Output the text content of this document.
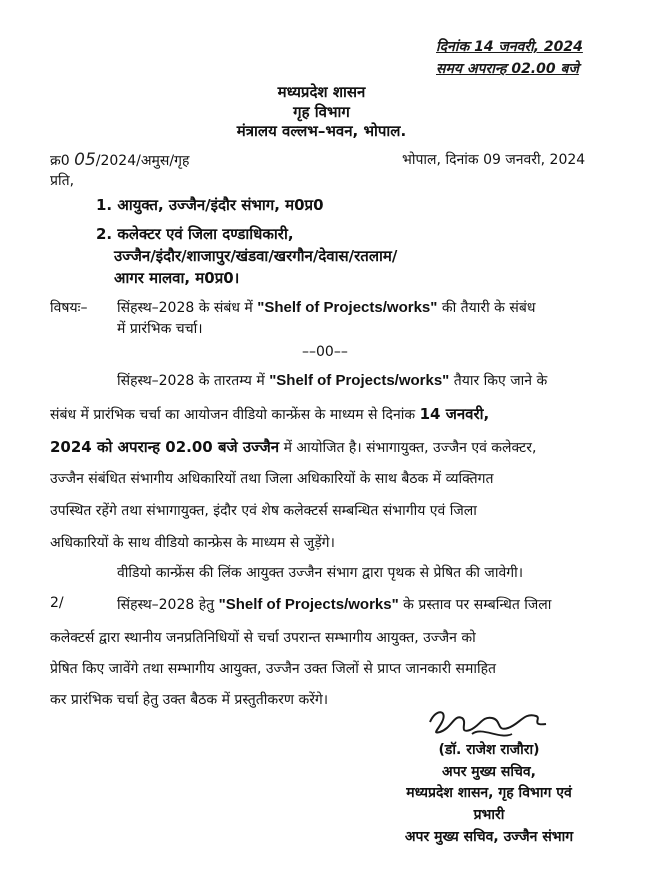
दिनांक 14 जनवरी, 2024
समय अपरान्ह 02.00 बजे
मध्यप्रदेश शासन
गृह विभाग
मंत्रालय वल्लभ–भवन, भोपाल.
क्र0 05/2024/अमुस/गृह	भोपाल, दिनांक 09 जनवरी, 2024
प्रति,
1. आयुक्त, उज्जैन/इंदौर संभाग, म0प्र0
2. कलेक्टर एवं जिला दण्डाधिकारी,
उज्जैन/इंदौर/शाजापुर/खंडवा/खरगौन/देवास/रतलाम/
आगर मालवा, म0प्र0।
विषयः– सिंहस्थ–2028 के संबंध में "Shelf of Projects/works" की तैयारी के संबंध
में प्रारंभिक चर्चा।
––00––
सिंहस्थ–2028 के तारतम्य में "Shelf of Projects/works" तैयार किए जाने के
संबंध में प्रारंभिक चर्चा का आयोजन वीडियो कान्फ्रेंस के माध्यम से दिनांक 14 जनवरी,
2024 को अपरान्ह 02.00 बजे उज्जैन में आयोजित है। संभागायुक्त, उज्जैन एवं कलेक्टर,
उज्जैन संबंधित संभागीय अधिकारियों तथा जिला अधिकारियों के साथ बैठक में व्यक्तिगत
उपस्थित रहेंगे तथा संभागायुक्त, इंदौर एवं शेष कलेक्टर्स सम्बन्धित संभागीय एवं जिला
अधिकारियों के साथ वीडियो कान्फ्रेस के माध्यम से जुड़ेंगे।
वीडियो कान्फ्रेंस की लिंक आयुक्त उज्जैन संभाग द्वारा पृथक से प्रेषित की जावेगी।
2/	सिंहस्थ–2028 हेतु "Shelf of Projects/works" के प्रस्ताव पर सम्बन्धित जिला
कलेक्टर्स द्वारा स्थानीय जनप्रतिनिधियों से चर्चा उपरान्त सम्भागीय आयुक्त, उज्जैन को
प्रेषित किए जावेंगे तथा सम्भागीय आयुक्त, उज्जैन उक्त जिलों से प्राप्त जानकारी समाहित
कर प्रारंभिक चर्चा हेतु उक्त बैठक में प्रस्तुतीकरण करेंगे।
(डॉ. राजेश राजौरा)
अपर मुख्य सचिव,
मध्यप्रदेश शासन, गृह विभाग एवं
प्रभारी
अपर मुख्य सचिव, उज्जैन संभाग
